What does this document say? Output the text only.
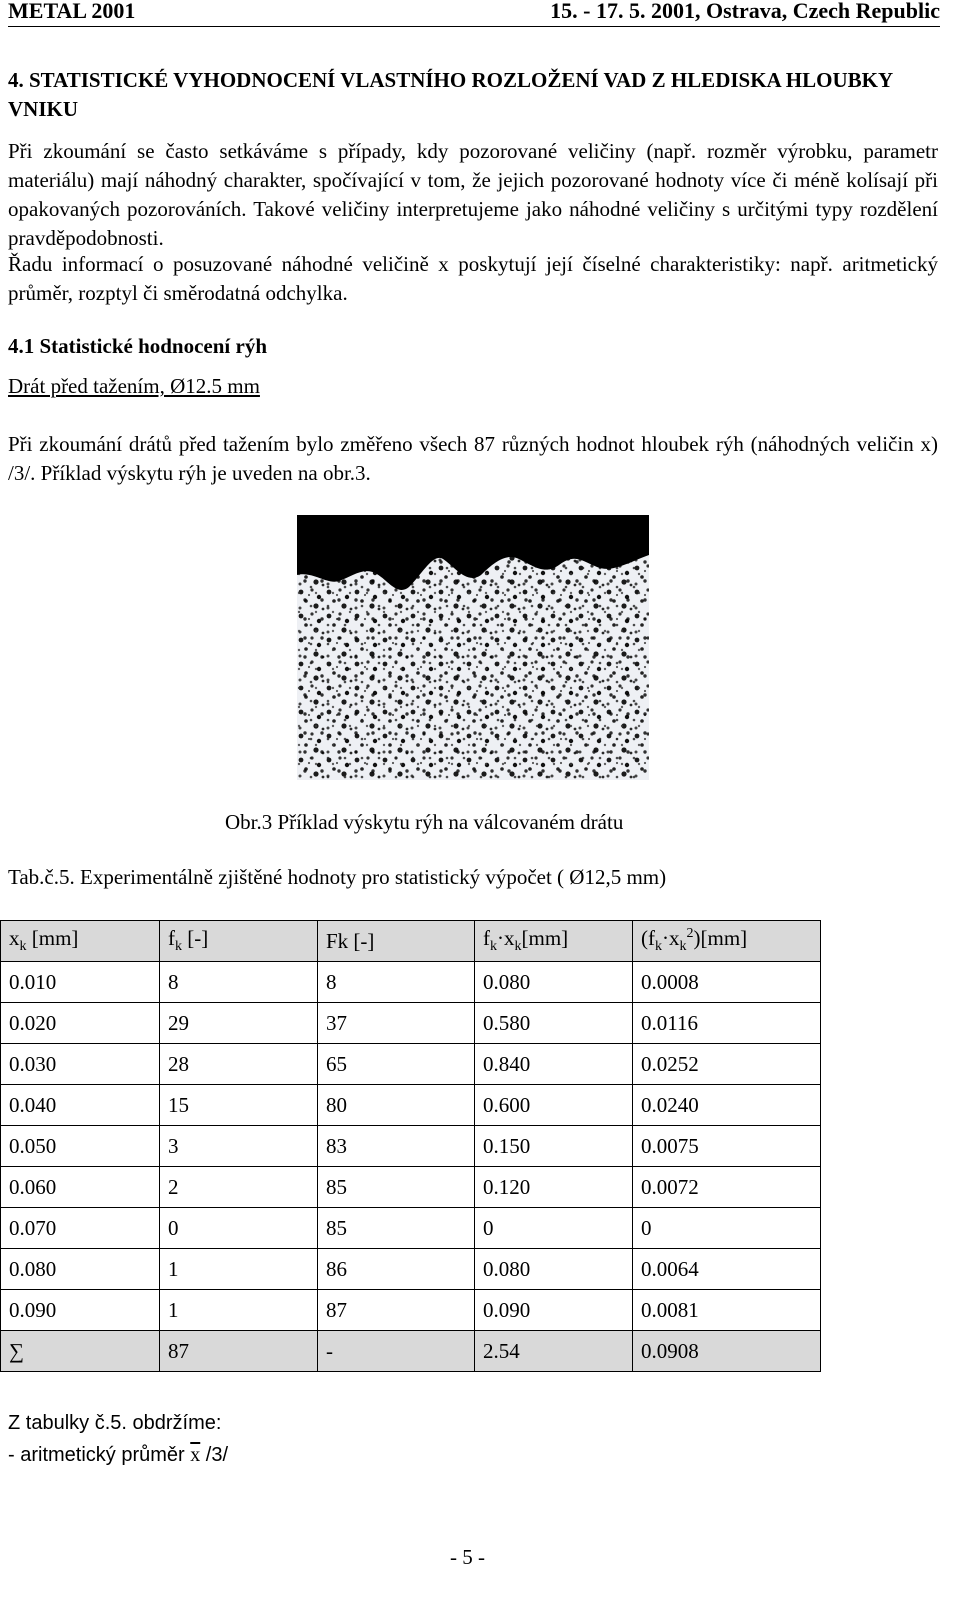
METAL 2001	15. - 17. 5. 2001, Ostrava, Czech Republic
4. STATISTICKÉ VYHODNOCENÍ VLASTNÍHO ROZLOŽENÍ VAD Z HLEDISKA HLOUBKY VNIKU
Při zkoumání se často setkáváme s případy, kdy pozorované veličiny (např. rozměr výrobku, parametr materiálu) mají náhodný charakter, spočívající v tom, že jejich pozorované hodnoty více či méně kolísají při opakovaných pozorováních. Takové veličiny interpretujeme jako náhodné veličiny s určitými typy rozdělení pravděpodobnosti.
Řadu informací o posuzované náhodné veličině x poskytují její číselné charakteristiky: např. aritmetický průměr, rozptyl či směrodatná odchylka.
4.1 Statistické hodnocení rýh
Drát před tažením, Ø12.5 mm
Při zkoumání drátů před tažením bylo změřeno všech 87 různých hodnot hloubek rýh (náhodných veličin x) /3/. Příklad výskytu rýh je uveden na obr.3.
Obr.3 Příklad výskytu rýh na válcovaném drátu
Tab.č.5. Experimentálně zjištěné hodnoty pro statistický výpočet ( Ø12,5 mm)
$x_k$ [mm]	$f_k$ [-]	Fk [-]	$f_k\cdot x_k[mm]$	$(f_k\cdot x_k^2)[mm]$
0.010	8	8	0.080	0.0008
0.020	29	37	0.580	0.0116
0.030	28	65	0.840	0.0252
0.040	15	80	0.600	0.0240
0.050	3	83	0.150	0.0075
0.060	2	85	0.120	0.0072
0.070	0	85	0	0
0.080	1	86	0.080	0.0064
0.090	1	87	0.090	0.0081
∑	87	-	2.54	0.0908
Z tabulky č.5. obdržíme:
- aritmetický průměr $\overline{x}$ /3/
- 5 -
